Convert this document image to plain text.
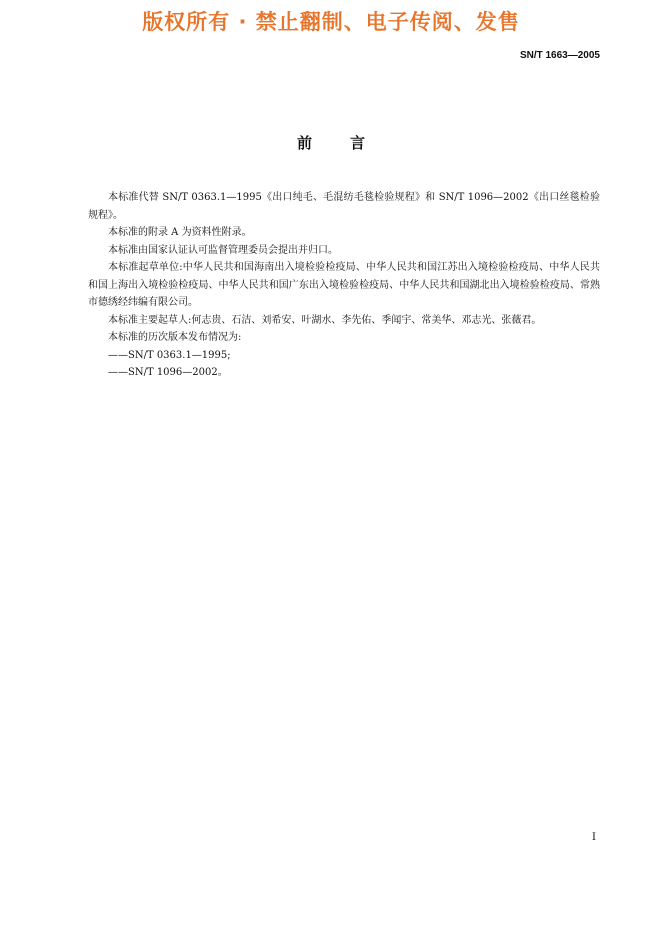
版权所有 · 禁止翻制、电子传阅、发售
SN/T 1663—2005
前言

本标准代替 SN/T 0363.1—1995《出口纯毛、毛混纺毛毯检验规程》和 SN/T 1096—2002《出口丝毯检验规程》。

本标准的附录 A 为资料性附录。

本标准由国家认证认可监督管理委员会提出并归口。

本标准起草单位:中华人民共和国海南出入境检验检疫局、中华人民共和国江苏出入境检验检疫局、中华人民共和国上海出入境检验检疫局、中华人民共和国广东出入境检验检疫局、中华人民共和国湖北出入境检验检疫局、常熟市德绣经纬编有限公司。

本标准主要起草人:何志贵、石洁、刘希安、叶湖水、李先佑、季闻宇、常美华、邓志光、张薇君。

本标准的历次版本发布情况为:

——SN/T 0363.1—1995;

——SN/T 1096—2002。

I
